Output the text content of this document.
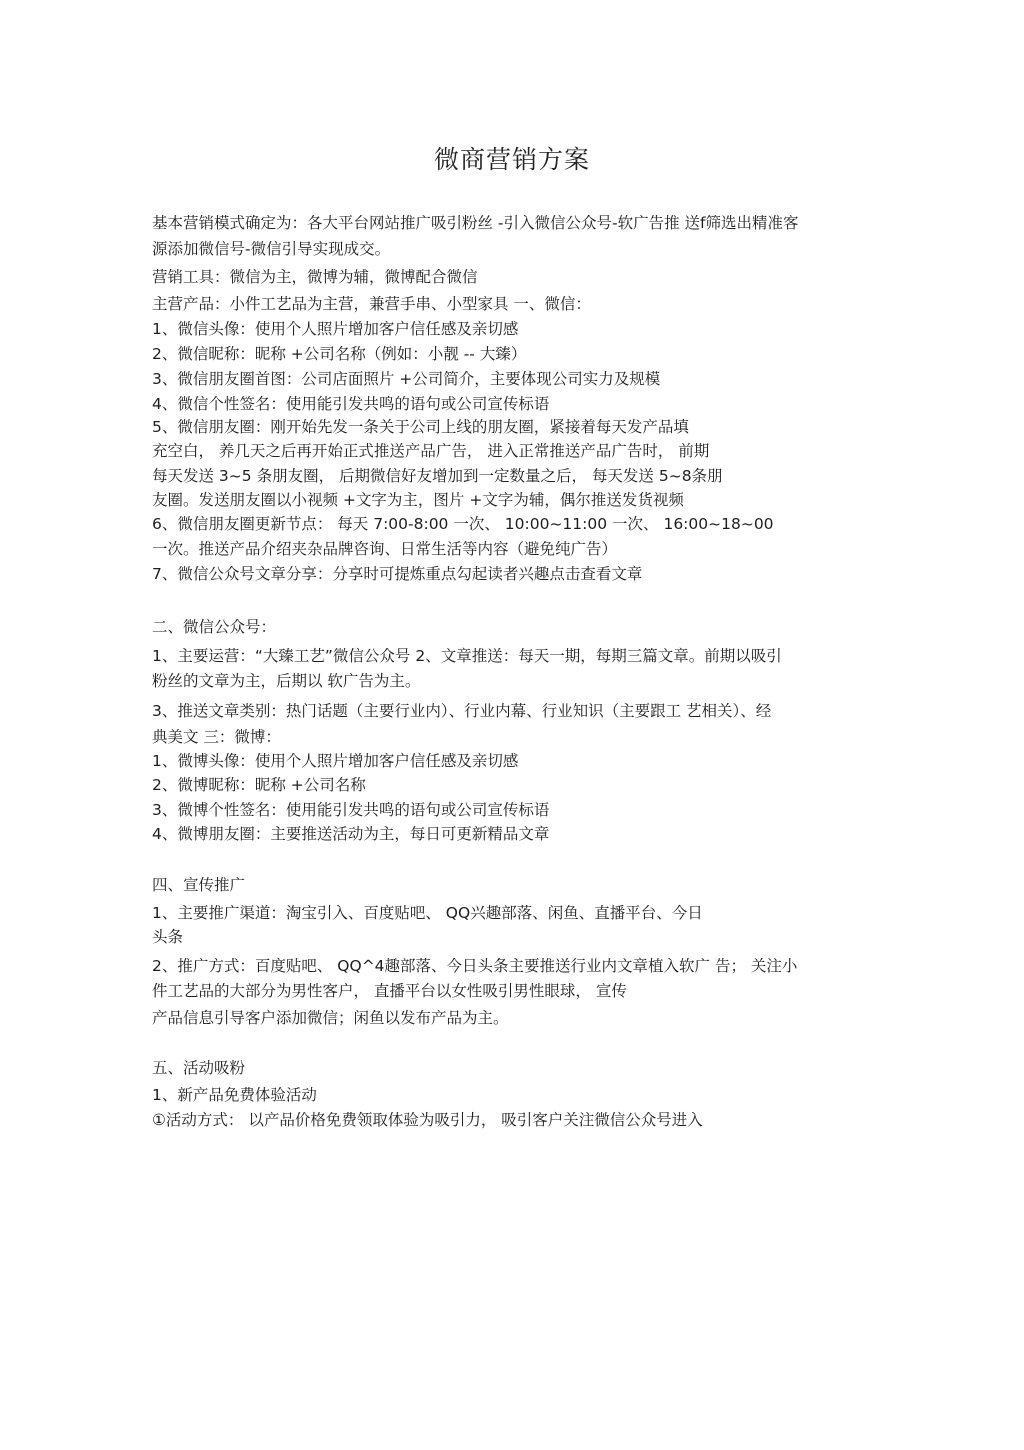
微商营销方案
基本营销模式确定为：各大平台网站推广吸引粉丝 -引入微信公众号-软广告推 送f筛选出精准客
源添加微信号-微信引导实现成交。
营销工具：微信为主，微博为辅，微博配合微信
主营产品：小件工艺品为主营，兼营手串、小型家具 一、微信：
1、微信头像：使用个人照片增加客户信任感及亲切感
2、微信昵称：昵称 +公司名称（例如：小靓 -- 大臻）
3、微信朋友圈首图：公司店面照片 +公司简介，主要体现公司实力及规模
4、微信个性签名：使用能引发共鸣的语句或公司宣传标语
5、微信朋友圈：刚开始先发一条关于公司上线的朋友圈，紧接着每天发产品填
充空白， 养几天之后再开始正式推送产品广告， 进入正常推送产品广告时， 前期
每天发送 3~5 条朋友圈， 后期微信好友增加到一定数量之后， 每天发送 5~8条朋
友圈。发送朋友圈以小视频 +文字为主，图片 +文字为辅，偶尔推送发货视频
6、微信朋友圈更新节点： 每天 7:00-8:00 一次、 10:00~11:00 一次、 16:00~18~00
一次。推送产品介绍夹杂品牌咨询、日常生活等内容（避免纯广告）
7、微信公众号文章分享：分享时可提炼重点勾起读者兴趣点击查看文章
二、微信公众号：
1、主要运营：“大臻工艺”微信公众号 2、文章推送：每天一期，每期三篇文章。前期以吸引
粉丝的文章为主，后期以 软广告为主。
3、推送文章类别：热门话题（主要行业内）、行业内幕、行业知识（主要跟工 艺相关）、经
典美文 三：微博：
1、微博头像：使用个人照片增加客户信任感及亲切感
2、微博昵称：昵称 +公司名称
3、微博个性签名：使用能引发共鸣的语句或公司宣传标语
4、微博朋友圈：主要推送活动为主，每日可更新精品文章
四、宣传推广
1、主要推广渠道：淘宝引入、百度贴吧、 QQ兴趣部落、闲鱼、直播平台、今日
头条
2、推广方式：百度贴吧、 QQ^4趣部落、今日头条主要推送行业内文章植入软广 告； 关注小
件工艺品的大部分为男性客户， 直播平台以女性吸引男性眼球， 宣传
产品信息引导客户添加微信；闲鱼以发布产品为主。
五、活动吸粉
1、新产品免费体验活动
①活动方式： 以产品价格免费领取体验为吸引力， 吸引客户关注微信公众号进入
